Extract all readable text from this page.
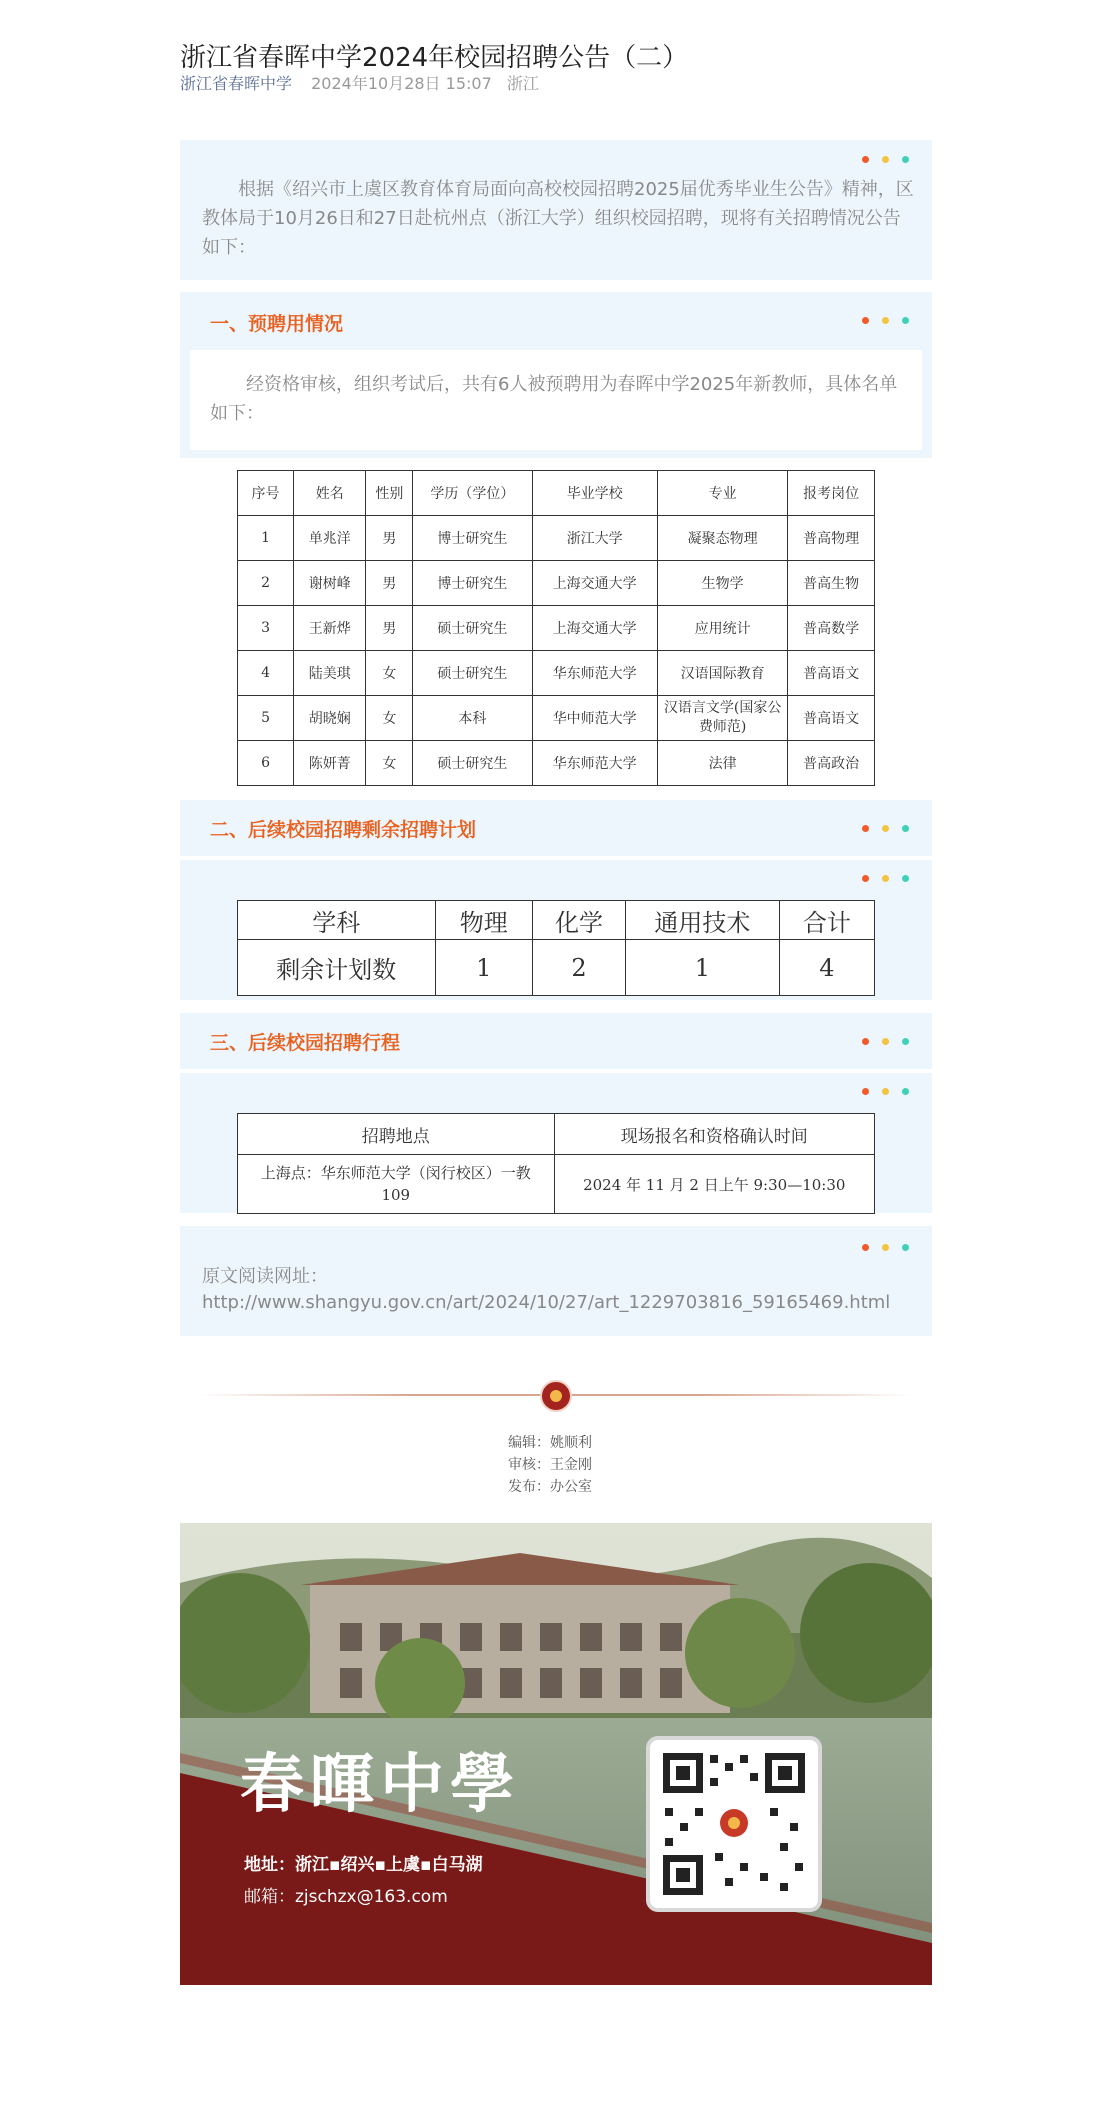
浙江省春晖中学2024年校园招聘公告（二）
浙江省春晖中学 2024年10月28日 15:07 浙江
根据《绍兴市上虞区教育体育局面向高校校园招聘2025届优秀毕业生公告》精神，区教体局于10月26日和27日赴杭州点（浙江大学）组织校园招聘，现将有关招聘情况公告如下：
一、预聘用情况
经资格审核，组织考试后，共有6人被预聘用为春晖中学2025年新教师，具体名单如下：
序号	姓名	性别	学历（学位）	毕业学校	专业	报考岗位
1	单兆洋	男	博士研究生	浙江大学	凝聚态物理	普高物理
2	谢树峰	男	博士研究生	上海交通大学	生物学	普高生物
3	王新烨	男	硕士研究生	上海交通大学	应用统计	普高数学
4	陆美琪	女	硕士研究生	华东师范大学	汉语国际教育	普高语文
5	胡晓娴	女	本科	华中师范大学	汉语言文学(国家公费师范)	普高语文
6	陈妍菁	女	硕士研究生	华东师范大学	法律	普高政治
二、后续校园招聘剩余招聘计划
学科	物理	化学	通用技术	合计
剩余计划数	1	2	1	4
三、后续校园招聘行程
招聘地点	现场报名和资格确认时间
上海点：华东师范大学（闵行校区）一教109	2024 年 11 月 2 日上午 9:30—10:30
原文阅读网址：
http://www.shangyu.gov.cn/art/2024/10/27/art_1229703816_59165469.html
编辑：姚顺利
审核：王金刚
发布：办公室
春暉中學
地址：浙江▪绍兴▪上虞▪白马湖
邮箱：zjschzx@163.com
